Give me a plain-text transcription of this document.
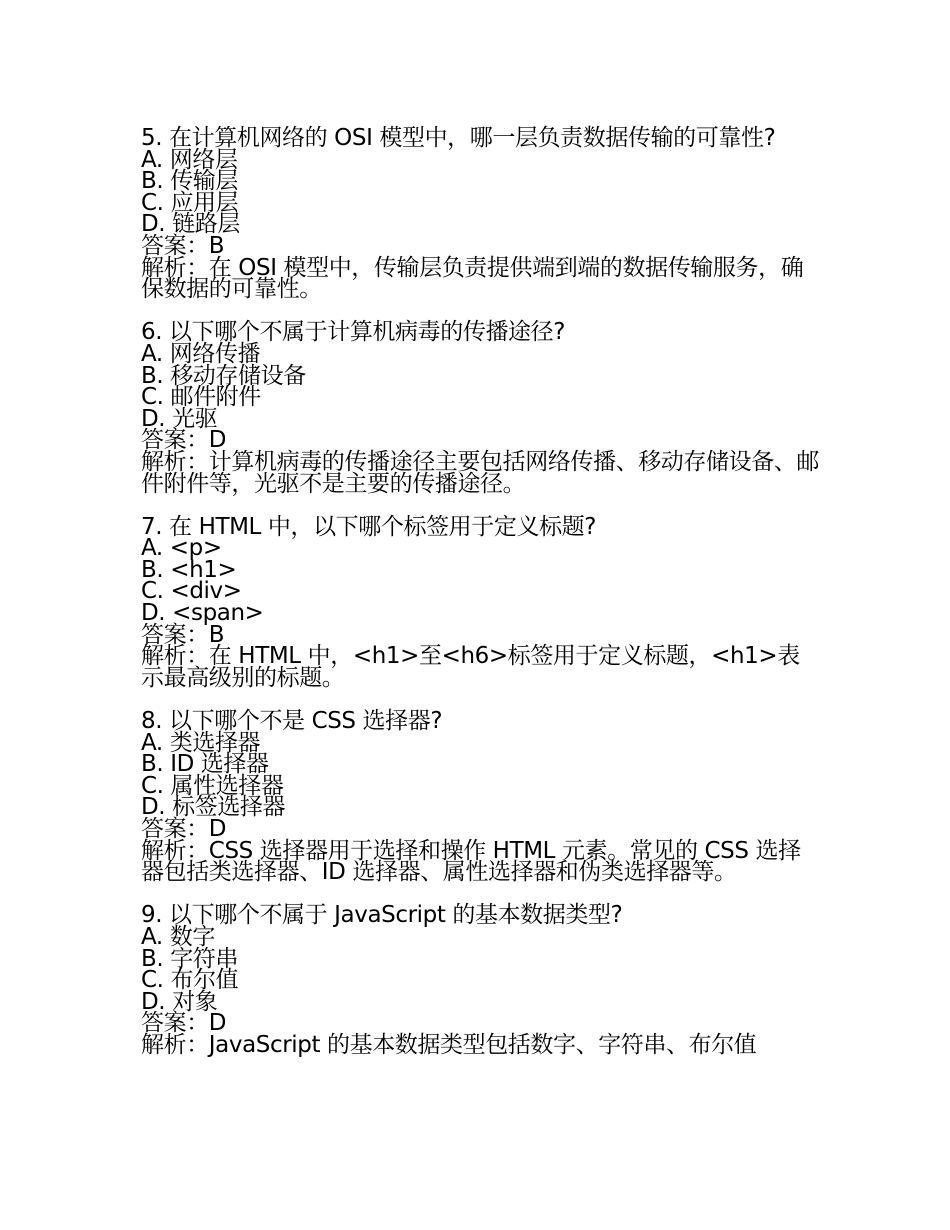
5. 在计算机网络的 OSI 模型中，哪一层负责数据传输的可靠性?
A. 网络层
B. 传输层
C. 应用层
D. 链路层
答案：B
解析：在 OSI 模型中，传输层负责提供端到端的数据传输服务，确保数据的可靠性。
6. 以下哪个不属于计算机病毒的传播途径?
A. 网络传播
B. 移动存储设备
C. 邮件附件
D. 光驱
答案：D
解析：计算机病毒的传播途径主要包括网络传播、移动存储设备、邮件附件等，光驱不是主要的传播途径。
7. 在 HTML 中，以下哪个标签用于定义标题?
A. <p>
B. <h1>
C. <div>
D. <span>
答案：B
解析：在 HTML 中，<h1>至<h6>标签用于定义标题，<h1>表示最高级别的标题。
8. 以下哪个不是 CSS 选择器?
A. 类选择器
B. ID 选择器
C. 属性选择器
D. 标签选择器
答案：D
解析：CSS 选择器用于选择和操作 HTML 元素。常见的 CSS 选择器包括类选择器、ID 选择器、属性选择器和伪类选择器等。
9. 以下哪个不属于 JavaScript 的基本数据类型?
A. 数字
B. 字符串
C. 布尔值
D. 对象
答案：D
解析：JavaScript 的基本数据类型包括数字、字符串、布尔值
